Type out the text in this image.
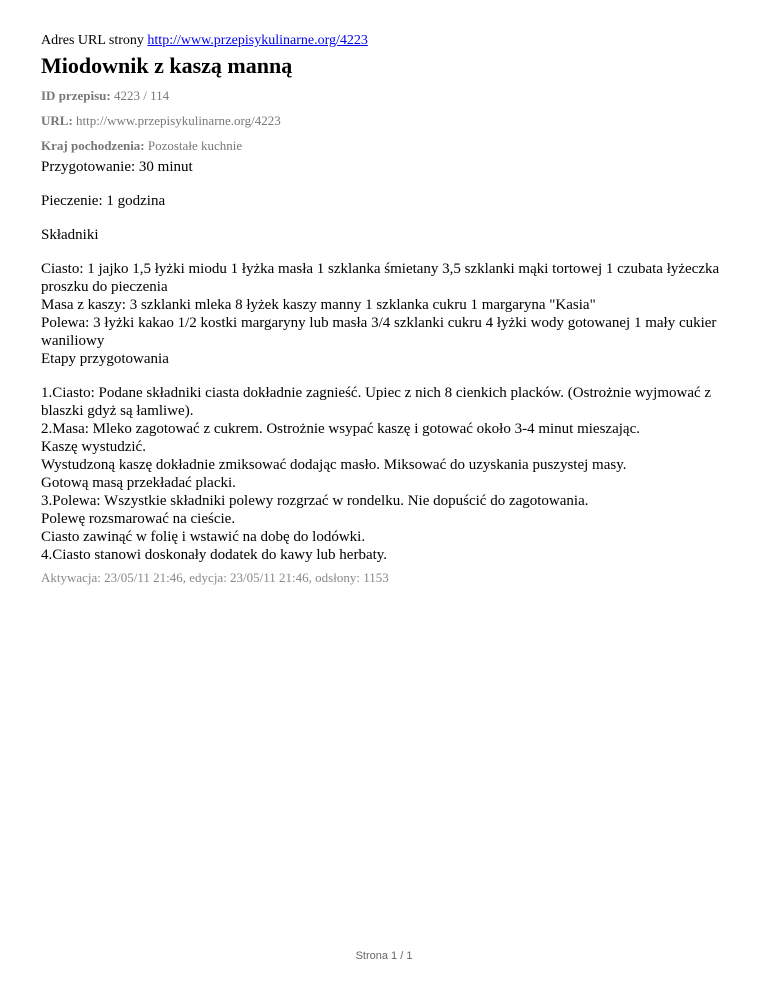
Adres URL strony http://www.przepisykulinarne.org/4223

Miodownik z kaszą manną

ID przepisu: 4223 / 114

URL: http://www.przepisykulinarne.org/4223

Kraj pochodzenia: Pozostałe kuchnie

Przygotowanie: 30 minut

Pieczenie: 1 godzina

Składniki

Ciasto: 1 jajko 1,5 łyżki miodu 1 łyżka masła 1 szklanka śmietany 3,5 szklanki mąki tortowej 1 czubata łyżeczka proszku do pieczenia

Masa z kaszy: 3 szklanki mleka 8 łyżek kaszy manny 1 szklanka cukru 1 margaryna "Kasia"

Polewa: 3 łyżki kakao 1/2 kostki margaryny lub masła 3/4 szklanki cukru 4 łyżki wody gotowanej 1 mały cukier waniliowy

Etapy przygotowania

1.Ciasto: Podane składniki ciasta dokładnie zagnieść. Upiec z nich 8 cienkich placków. (Ostrożnie wyjmować z blaszki gdyż są łamliwe).

2.Masa: Mleko zagotować z cukrem. Ostrożnie wsypać kaszę i gotować około 3-4 minut mieszając.

Kaszę wystudzić.

Wystudzoną kaszę dokładnie zmiksować dodając masło. Miksować do uzyskania puszystej masy.

Gotową masą przekładać placki.

3.Polewa: Wszystkie składniki polewy rozgrzać w rondelku. Nie dopuścić do zagotowania.

Polewę rozsmarować na cieście.

Ciasto zawinąć w folię i wstawić na dobę do lodówki.

4.Ciasto stanowi doskonały dodatek do kawy lub herbaty.

Aktywacja: 23/05/11 21:46, edycja: 23/05/11 21:46, odsłony: 1153

Strona 1 / 1
